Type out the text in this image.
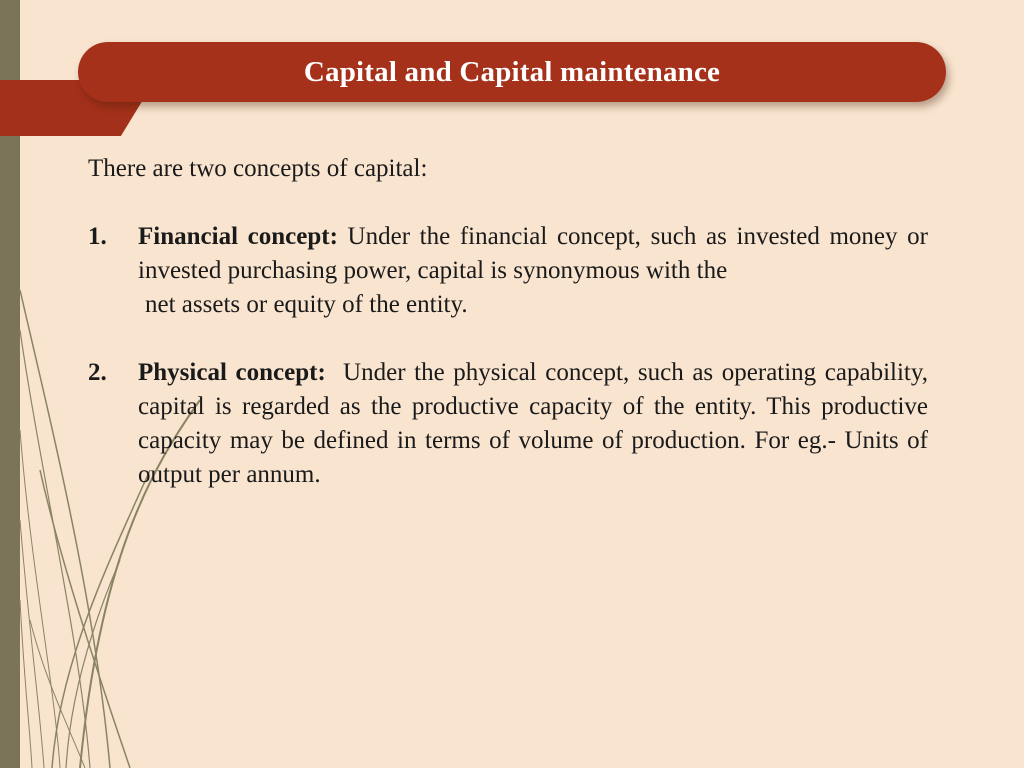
Capital and Capital maintenance

There are two concepts of capital:

1. Financial concept: Under the financial concept, such as invested money or invested purchasing power, capital is synonymous with the
net assets or equity of the entity.
2. Physical concept:  Under the physical concept, such as operating capability, capital is regarded as the productive capacity of the entity. This productive capacity may be defined in terms of volume of production. For eg.- Units of output per annum.
